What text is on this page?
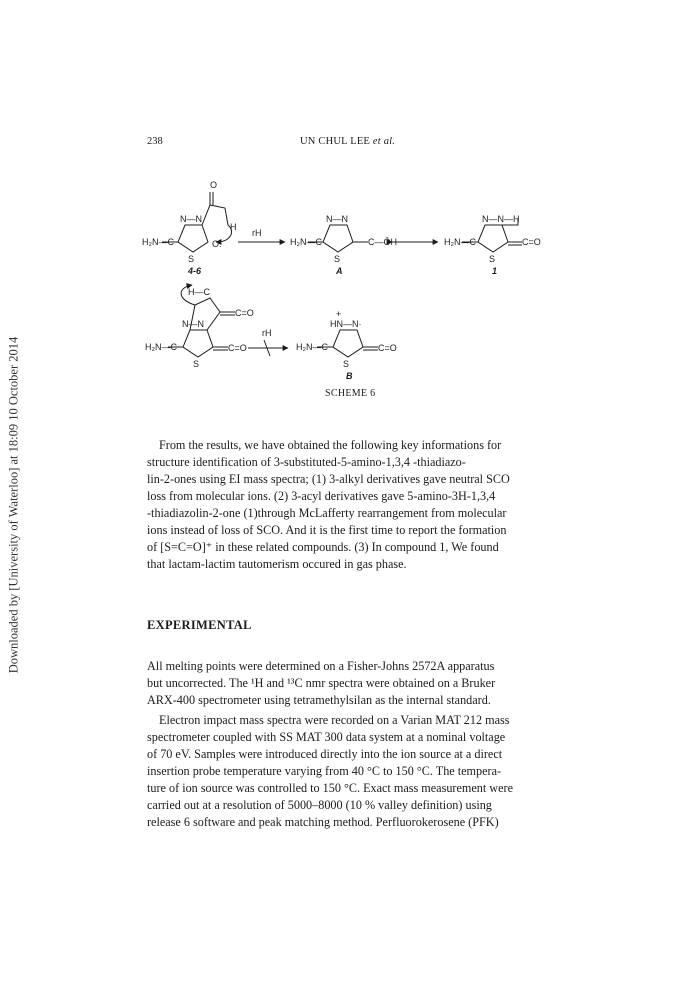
Downloaded by [University of Waterloo] at 18:09 10 October 2014
238	UN CHUL LEE et al.
H₂N—C
N—N
S
O
H
O:
rH
4-6
H₂N—C
N—N
S
C—ÖH
A
H₂N—C
N—N—H
S
C=O
1
H—C
C=O
N—N
H₂N—C
S
C=O
rH
+
HN—N·
H₂N—C
S
C=O
B
SCHEME 6

From the results, we have obtained the following key informations for
structure identification of 3-substituted-5-amino-1,3,4 -thiadiazo-
lin-2-ones using EI mass spectra; (1) 3-alkyl derivatives gave neutral SCO
loss from molecular ions. (2) 3-acyl derivatives gave 5-amino-3H-1,3,4
-thiadiazolin-2-one (1)through McLafferty rearrangement from molecular
ions instead of loss of SCO. And it is the first time to report the formation
of [S=C=O]⁺ in these related compounds. (3) In compound 1, We found
that lactam-lactim tautomerism occured in gas phase.

EXPERIMENTAL

All melting points were determined on a Fisher-Johns 2572A apparatus
but uncorrected. The ¹H and ¹³C nmr spectra were obtained on a Bruker
ARX-400 spectrometer using tetramethylsilan as the internal standard.

Electron impact mass spectra were recorded on a Varian MAT 212 mass
spectrometer coupled with SS MAT 300 data system at a nominal voltage
of 70 eV. Samples were introduced directly into the ion source at a direct
insertion probe temperature varying from 40 °C to 150 °C. The tempera-
ture of ion source was controlled to 150 °C. Exact mass measurement were
carried out at a resolution of 5000–8000 (10 % valley definition) using
release 6 software and peak matching method. Perfluorokerosene (PFK)
